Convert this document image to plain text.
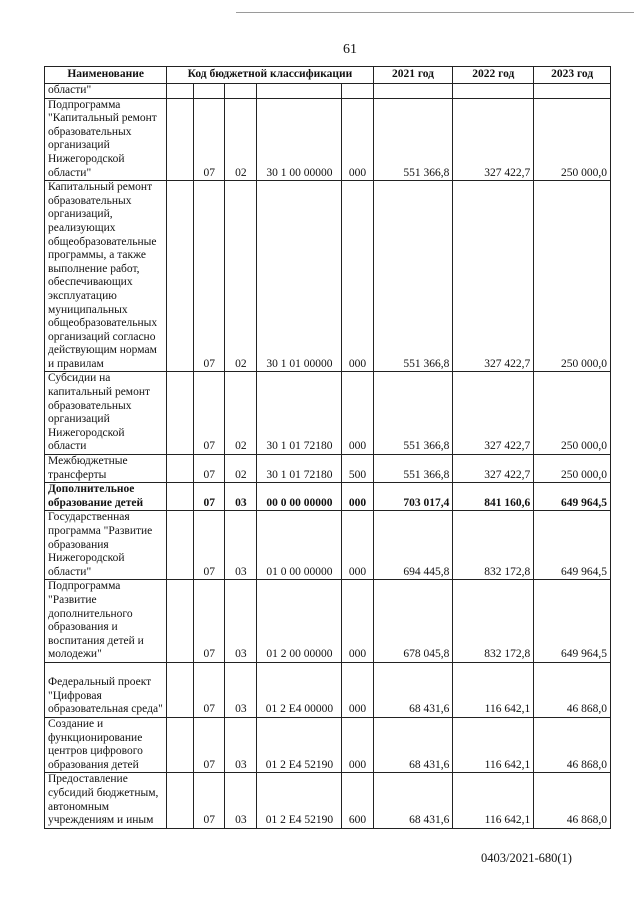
61
Наименование	Код бюджетной классификации					2021 год	2022 год	2023 год
области"								
Подпрограмма "Капитальный ремонт образовательных организаций Нижегородской области"		07	02	30 1 00 00000	000	551 366,8	327 422,7	250 000,0
Капитальный ремонт образовательных организаций, реализующих общеобразовательные программы, а также выполнение работ, обеспечивающих эксплуатацию муниципальных общеобразовательных организаций согласно действующим нормам и правилам		07	02	30 1 01 00000	000	551 366,8	327 422,7	250 000,0
Субсидии на капитальный ремонт образовательных организаций Нижегородской области		07	02	30 1 01 72180	000	551 366,8	327 422,7	250 000,0
Межбюджетные трансферты		07	02	30 1 01 72180	500	551 366,8	327 422,7	250 000,0
Дополнительное образование детей		07	03	00 0 00 00000	000	703 017,4	841 160,6	649 964,5
Государственная программа "Развитие образования Нижегородской области"		07	03	01 0 00 00000	000	694 445,8	832 172,8	649 964,5
Подпрограмма "Развитие дополнительного образования и воспитания детей и молодежи"		07	03	01 2 00 00000	000	678 045,8	832 172,8	649 964,5
Федеральный проект "Цифровая образовательная среда"		07	03	01 2 E4 00000	000	68 431,6	116 642,1	46 868,0
Создание и функционирование центров цифрового образования детей		07	03	01 2 E4 52190	000	68 431,6	116 642,1	46 868,0
Предоставление субсидий бюджетным, автономным учреждениям и иным		07	03	01 2 E4 52190	600	68 431,6	116 642,1	46 868,0
0403/2021-680(1)
